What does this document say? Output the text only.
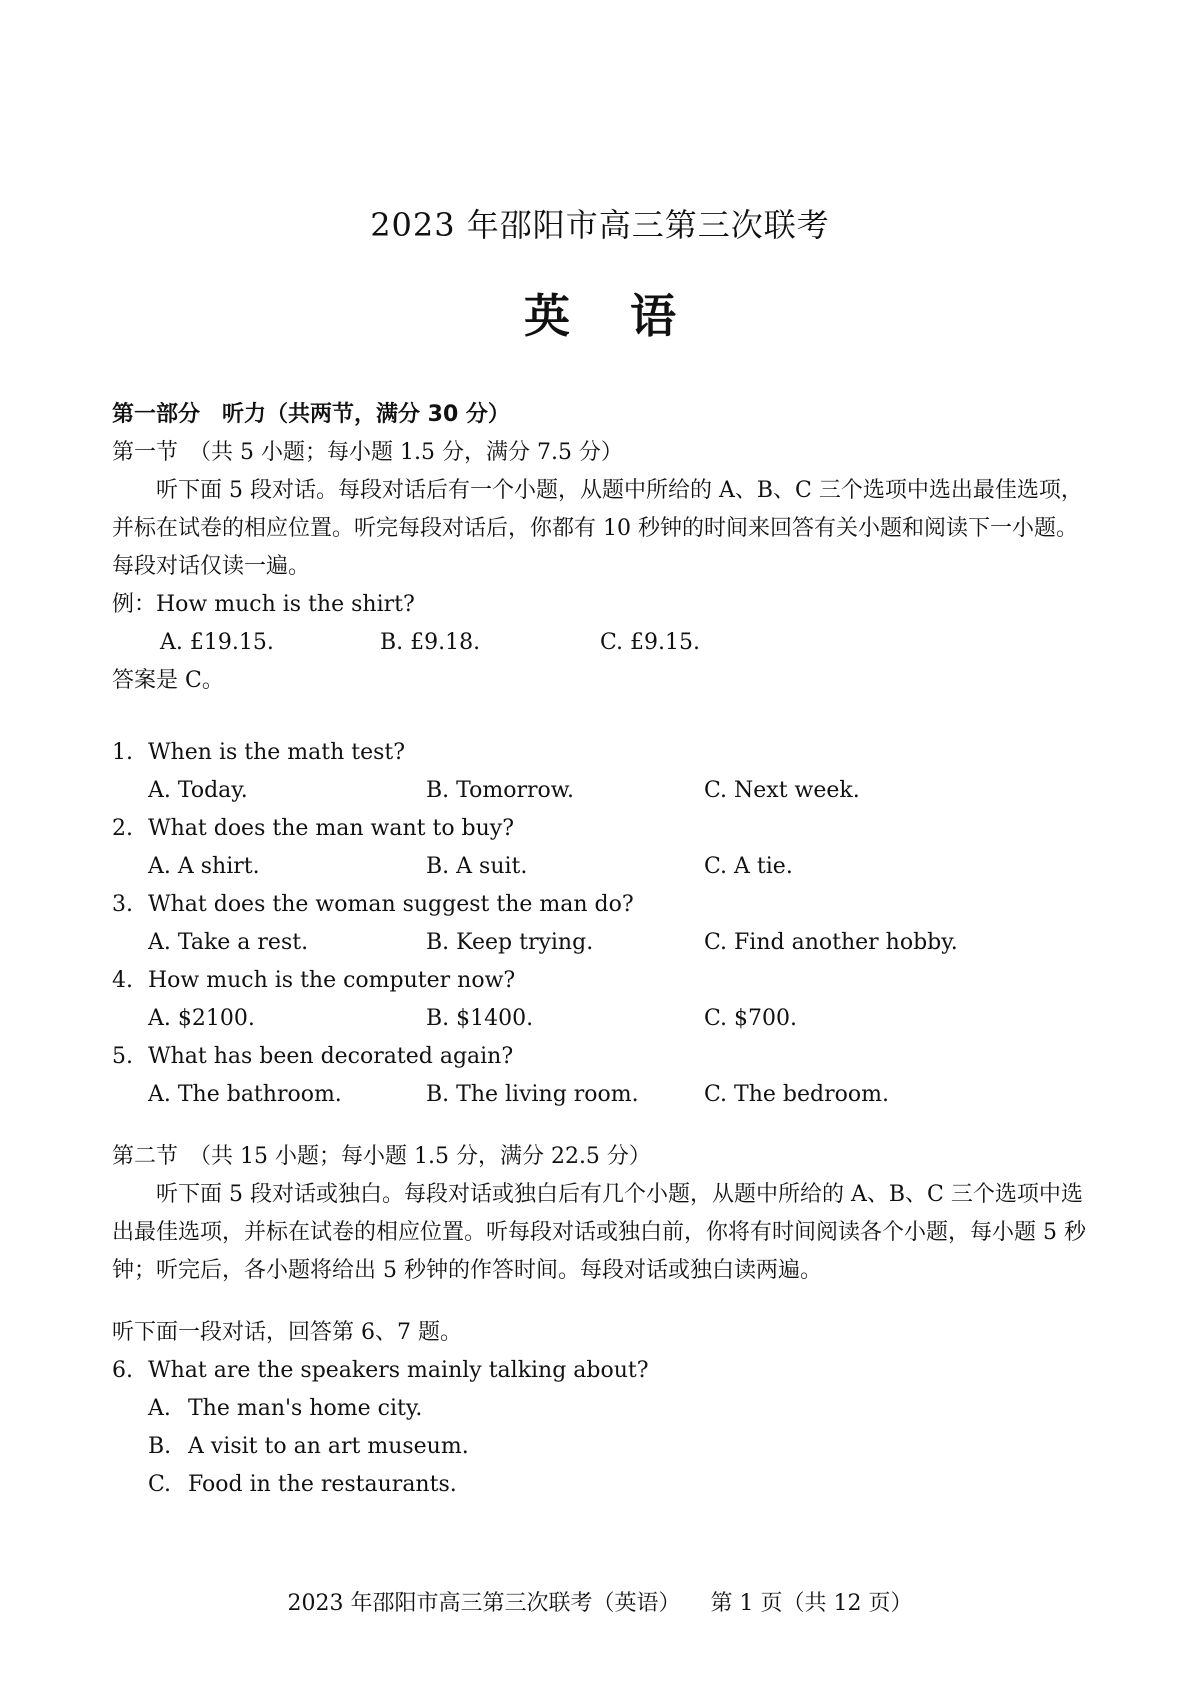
2023 年邵阳市高三第三次联考
英 语
第一部分　听力（共两节，满分 30 分）
第一节　（共 5 小题；每小题 1.5 分，满分 7.5 分）
听下面 5 段对话。每段对话后有一个小题，从题中所给的 A、B、C 三个选项中选出最佳选项，并标在试卷的相应位置。听完每段对话后，你都有 10 秒钟的时间来回答有关小题和阅读下一小题。每段对话仅读一遍。
例：How much is the shirt?
A. £19.15.	B. £9.18.	C. £9.15.
答案是 C。
1. When is the math test?
A. Today.	B. Tomorrow.	C. Next week.
2. What does the man want to buy?
A. A shirt.	B. A suit.	C. A tie.
3. What does the woman suggest the man do?
A. Take a rest.	B. Keep trying.	C. Find another hobby.
4. How much is the computer now?
A. $2100.	B. $1400.	C. $700.
5. What has been decorated again?
A. The bathroom.	B. The living room.	C. The bedroom.
第二节　（共 15 小题；每小题 1.5 分，满分 22.5 分）
听下面 5 段对话或独白。每段对话或独白后有几个小题，从题中所给的 A、B、C 三个选项中选出最佳选项，并标在试卷的相应位置。听每段对话或独白前，你将有时间阅读各个小题，每小题 5 秒钟；听完后，各小题将给出 5 秒钟的作答时间。每段对话或独白读两遍。
听下面一段对话，回答第 6、7 题。
6. What are the speakers mainly talking about?
A. The man's home city.
B. A visit to an art museum.
C. Food in the restaurants.
2023 年邵阳市高三第三次联考（英语） 第 1 页（共 12 页）
